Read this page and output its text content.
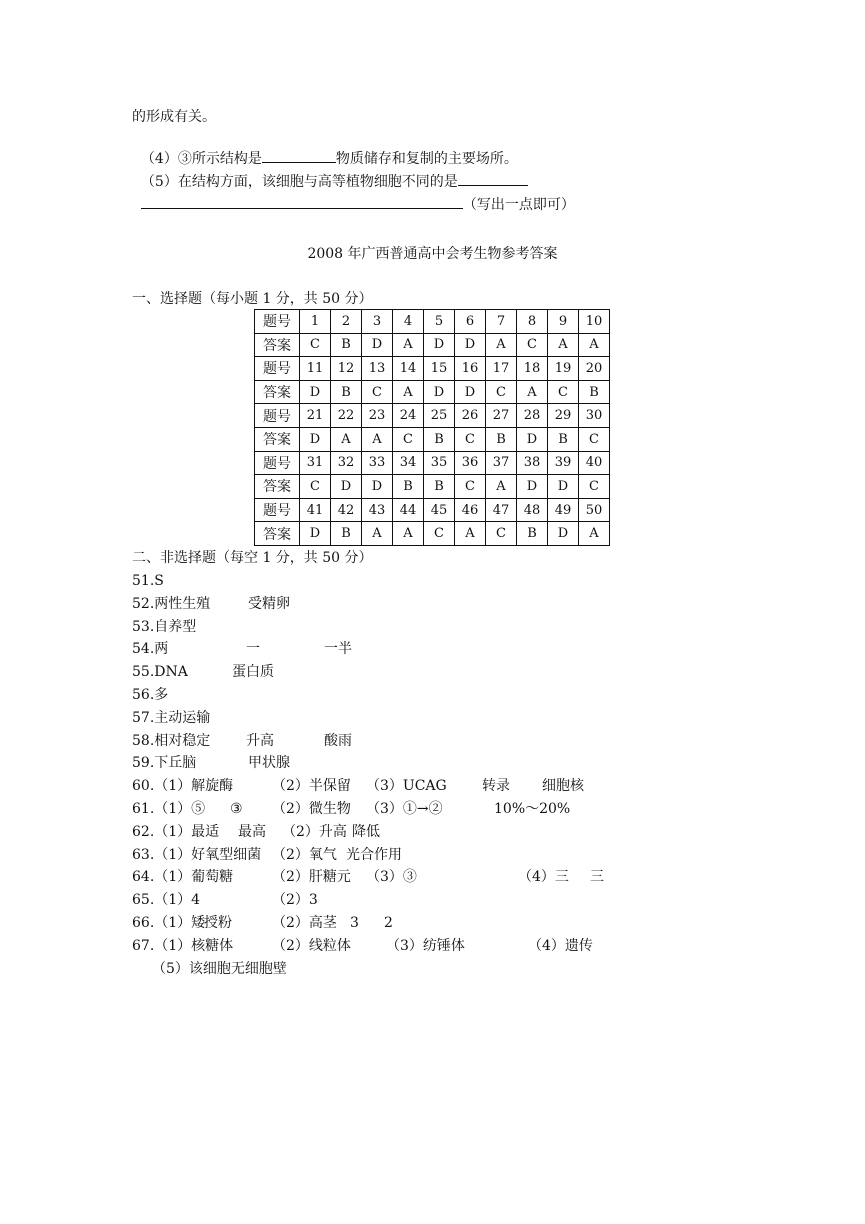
的形成有关。

（4）③所示结构是	物质储存和复制的主要场所。

（5）在结构方面，该细胞与高等植物细胞不同的是

（写出一点即可）

2008 年广西普通高中会考生物参考答案
一、选择题（每小题 1 分，共 50 分）
题号	1	2	3	4	5	6	7	8	9	10
答案	C	B	D	A	D	D	A	C	A	A
题号	11	12	13	14	15	16	17	18	19	20
答案	D	B	C	A	D	D	C	A	C	B
题号	21	22	23	24	25	26	27	28	29	30
答案	D	A	A	C	B	C	B	D	B	C
题号	31	32	33	34	35	36	37	38	39	40
答案	C	D	D	B	B	C	A	D	D	C
题号	41	42	43	44	45	46	47	48	49	50
答案	D	B	A	A	C	A	C	B	D	A
二、非选择题（每空 1 分，共 50 分）
51.S
52.两性生殖	受精卵
53.自养型
54.两	一	一半
55.DNA	蛋白质
56.多
57.主动运输
58.相对稳定	升高	酸雨
59.下丘脑	甲状腺
60.（1）解旋酶	（2）半保留 （3）UCAG	转录 细胞核
61.（1）⑤ ③ （2）微生物 （3）①→②	10%～20%
62.（1）最适 最高 （2）升高 降低
63.（1）好氧型细菌 （2）氧气 光合作用
64.（1）葡萄糖	（2）肝糖元 （3）③	（4）三 三
65.（1）4	（2）3
66.（1）矮
授粉	（2）高茎 3 2
67.（1）核糖体	（2）线粒体	（3）纺锤体	（4）遗传
（5）该细胞无细胞壁
